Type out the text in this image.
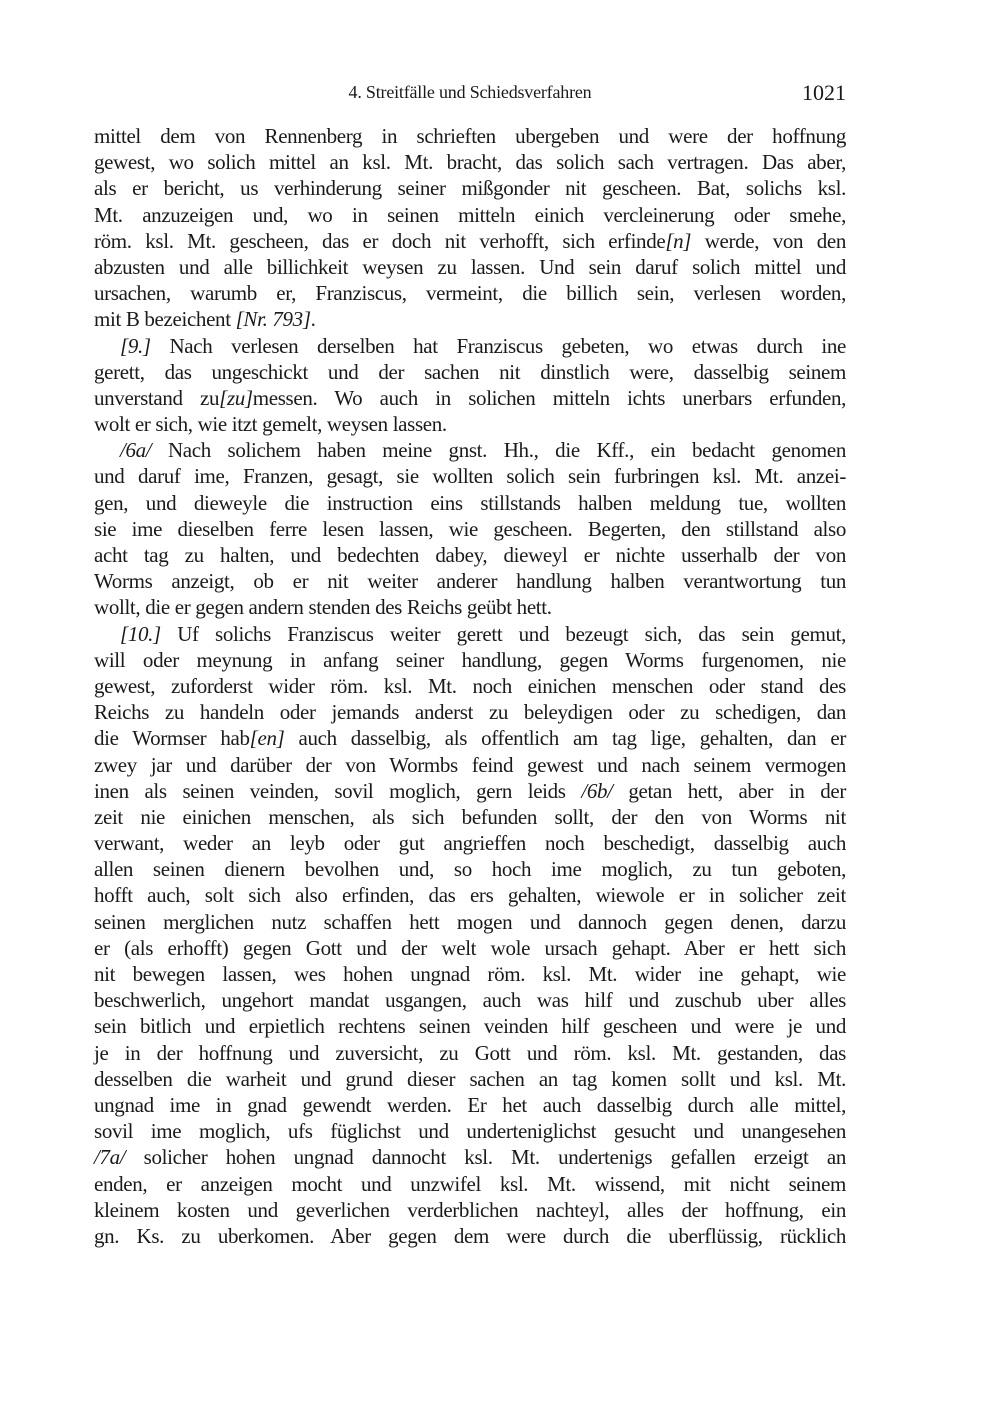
4. Streitfälle und Schiedsverfahren	1021
mittel dem von Rennenberg in schrieften ubergeben und were der hoffnung
gewest, wo solich mittel an ksl. Mt. bracht, das solich sach vertragen. Das aber,
als er bericht, us verhinderung seiner mißgonder nit gescheen. Bat, solichs ksl.
Mt. anzuzeigen und, wo in seinen mitteln einich vercleinerung oder smehe,
röm. ksl. Mt. gescheen, das er doch nit verhofft, sich erfinde[n] werde, von den
abzusten und alle billichkeit weysen zu lassen. Und sein daruf solich mittel und
ursachen, warumb er, Franziscus, vermeint, die billich sein, verlesen worden,
mit B bezeichent [Nr. 793].
[9.] Nach verlesen derselben hat Franziscus gebeten, wo etwas durch ine
gerett, das ungeschickt und der sachen nit dinstlich were, dasselbig seinem
unverstand zu[zu]messen. Wo auch in solichen mitteln ichts unerbars erfunden,
wolt er sich, wie itzt gemelt, weysen lassen.
/6a/ Nach solichem haben meine gnst. Hh., die Kff., ein bedacht genomen
und daruf ime, Franzen, gesagt, sie wollten solich sein furbringen ksl. Mt. anzei-
gen, und dieweyle die instruction eins stillstands halben meldung tue, wollten
sie ime dieselben ferre lesen lassen, wie gescheen. Begerten, den stillstand also
acht tag zu halten, und bedechten dabey, dieweyl er nichte usserhalb der von
Worms anzeigt, ob er nit weiter anderer handlung halben verantwortung tun
wollt, die er gegen andern stenden des Reichs geübt hett.
[10.] Uf solichs Franziscus weiter gerett und bezeugt sich, das sein gemut,
will oder meynung in anfang seiner handlung, gegen Worms furgenomen, nie
gewest, zuforderst wider röm. ksl. Mt. noch einichen menschen oder stand des
Reichs zu handeln oder jemands anderst zu beleydigen oder zu schedigen, dan
die Wormser hab[en] auch dasselbig, als offentlich am tag lige, gehalten, dan er
zwey jar und darüber der von Wormbs feind gewest und nach seinem vermogen
inen als seinen veinden, sovil moglich, gern leids /6b/ getan hett, aber in der
zeit nie einichen menschen, als sich befunden sollt, der den von Worms nit
verwant, weder an leyb oder gut angrieffen noch beschedigt, dasselbig auch
allen seinen dienern bevolhen und, so hoch ime moglich, zu tun geboten,
hofft auch, solt sich also erfinden, das ers gehalten, wiewole er in solicher zeit
seinen merglichen nutz schaffen hett mogen und dannoch gegen denen, darzu
er (als erhofft) gegen Gott und der welt wole ursach gehapt. Aber er hett sich
nit bewegen lassen, wes hohen ungnad röm. ksl. Mt. wider ine gehapt, wie
beschwerlich, ungehort mandat usgangen, auch was hilf und zuschub uber alles
sein bitlich und erpietlich rechtens seinen veinden hilf gescheen und were je und
je in der hoffnung und zuversicht, zu Gott und röm. ksl. Mt. gestanden, das
desselben die warheit und grund dieser sachen an tag komen sollt und ksl. Mt.
ungnad ime in gnad gewendt werden. Er het auch dasselbig durch alle mittel,
sovil ime moglich, ufs füglichst und underteniglichst gesucht und unangesehen
/7a/ solicher hohen ungnad dannocht ksl. Mt. undertenigs gefallen erzeigt an
enden, er anzeigen mocht und unzwifel ksl. Mt. wissend, mit nicht seinem
kleinem kosten und geverlichen verderblichen nachteyl, alles der hoffnung, ein
gn. Ks. zu uberkomen. Aber gegen dem were durch die uberflüssig, rücklich
